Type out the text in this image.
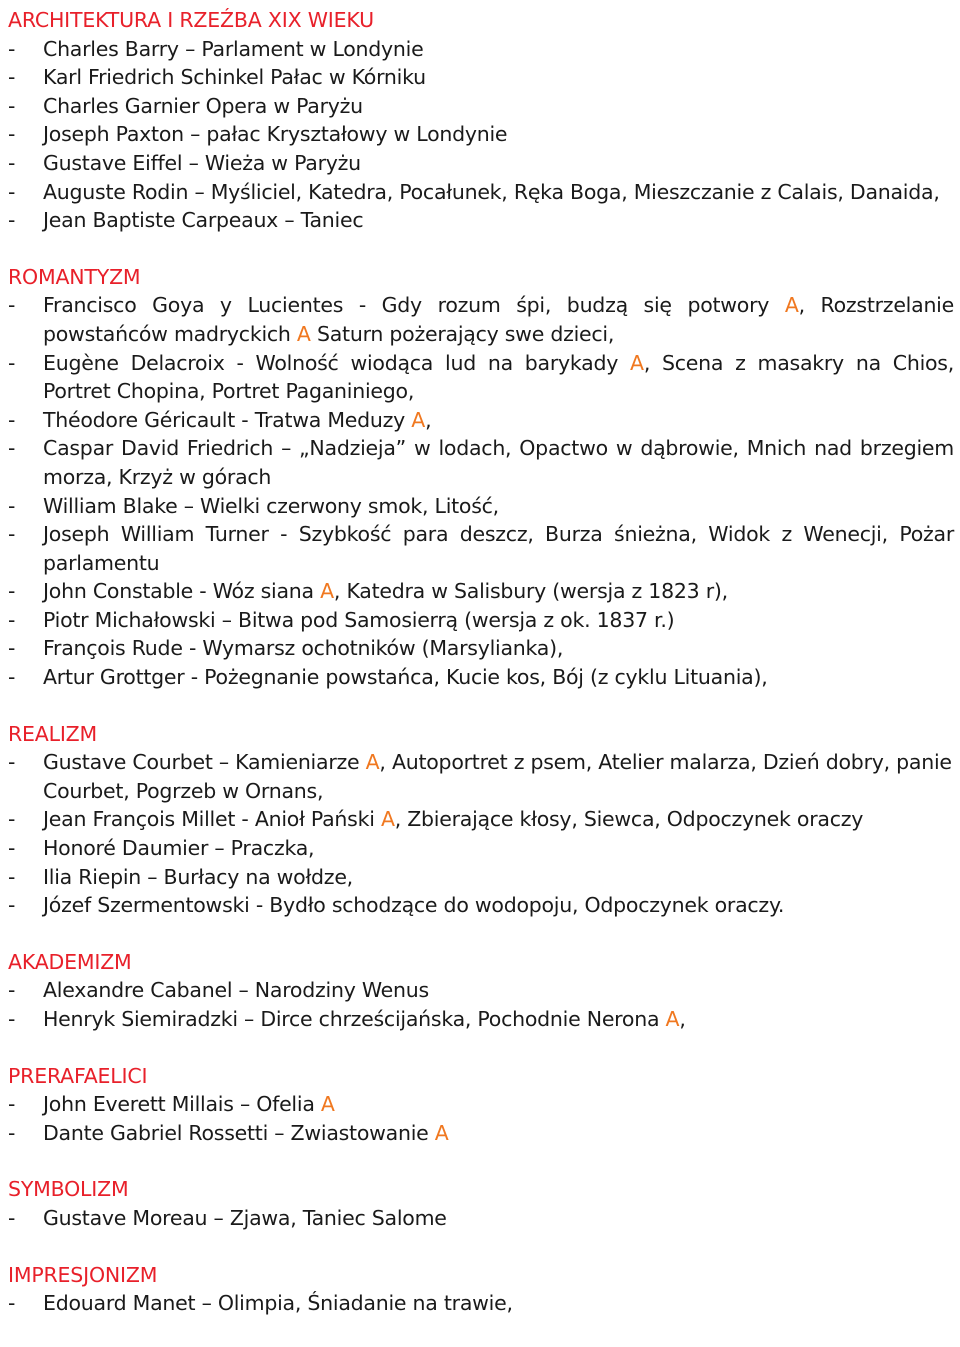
ARCHITEKTURA I RZEŹBA XIX WIEKU
-	Charles Barry – Parlament w Londynie
-	Karl Friedrich Schinkel Pałac w Kórniku
-	Charles Garnier Opera w Paryżu
-	Joseph Paxton – pałac Kryształowy w Londynie
-	Gustave Eiffel – Wieża w Paryżu
-	Auguste Rodin – Myśliciel, Katedra, Pocałunek, Ręka Boga, Mieszczanie z Calais, Danaida,
-	Jean Baptiste Carpeaux – Taniec
ROMANTYZM
-	Francisco Goya y Lucientes - Gdy rozum śpi, budzą się potwory A, Rozstrzelanie powstańców madryckich A Saturn pożerający swe dzieci,
-	Eugène Delacroix - Wolność wiodąca lud na barykady A, Scena z masakry na Chios, Portret Chopina, Portret Paganiniego,
-	Théodore Géricault - Tratwa Meduzy A,
-	Caspar David Friedrich – „Nadzieja” w lodach, Opactwo w dąbrowie, Mnich nad brzegiem morza, Krzyż w górach
-	William Blake – Wielki czerwony smok, Litość,
-	Joseph William Turner - Szybkość para deszcz, Burza śnieżna, Widok z Wenecji, Pożar parlamentu
-	John Constable - Wóz siana A, Katedra w Salisbury (wersja z 1823 r),
-	Piotr Michałowski – Bitwa pod Samosierrą (wersja z ok. 1837 r.)
-	François Rude - Wymarsz ochotników (Marsylianka),
-	Artur Grottger - Pożegnanie powstańca, Kucie kos, Bój (z cyklu Lituania),
REALIZM
-	Gustave Courbet – Kamieniarze A, Autoportret z psem, Atelier malarza, Dzień dobry, panie Courbet, Pogrzeb w Ornans,
-	Jean François Millet - Anioł Pański A, Zbierające kłosy, Siewca, Odpoczynek oraczy
-	Honoré Daumier – Praczka,
-	Ilia Riepin – Burłacy na wołdze,
-	Józef Szermentowski - Bydło schodzące do wodopoju, Odpoczynek oraczy.
AKADEMIZM
-	Alexandre Cabanel – Narodziny Wenus
-	Henryk Siemiradzki – Dirce chrześcijańska, Pochodnie Nerona A,
PRERAFAELICI
-	John Everett Millais – Ofelia A
-	Dante Gabriel Rossetti – Zwiastowanie A
SYMBOLIZM
-	Gustave Moreau – Zjawa, Taniec Salome
IMPRESJONIZM
-	Edouard Manet – Olimpia, Śniadanie na trawie,
